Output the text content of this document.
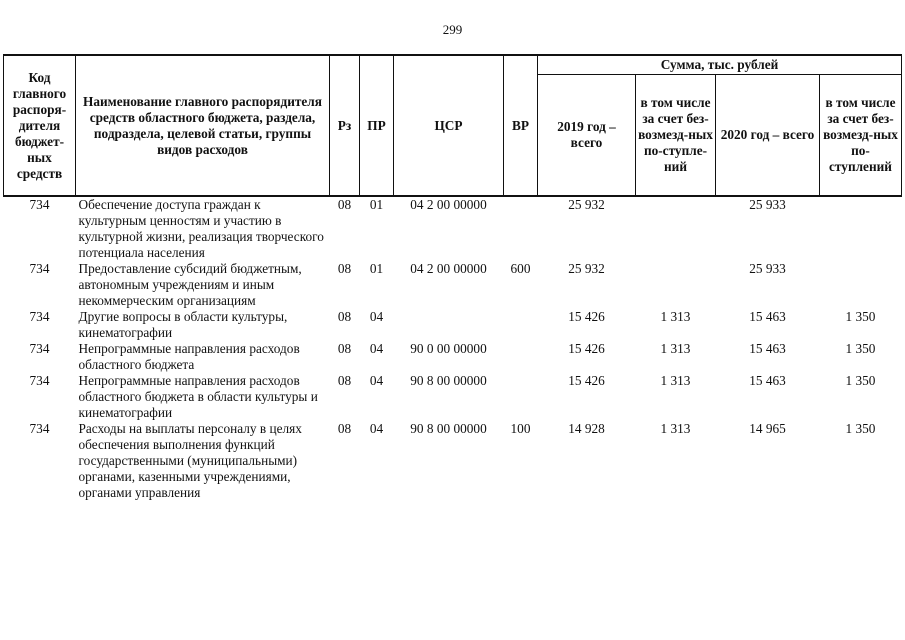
299
Код главного распоря-дителя бюджет-ных средств	Наименование главного распорядителя средств областного бюджета, раздела, подраздела, целевой статьи, группы видов расходов	Рз	ПР	ЦСР	ВР	Сумма, тыс. рублей			
						2019 год – всего	в том числе за счет без-возмезд-ных по-ступле-ний	2020 год – всего	в том числе за счет без-возмезд-ных по-ступлений
734	Обеспечение доступа граждан к культурным ценностям и участию в культурной жизни, реализация творческого потенциала населения	08	01	04 2 00 00000		25 932		25 933	
734	Предоставление субсидий бюджетным, автономным учреждениям и иным некоммерческим организациям	08	01	04 2 00 00000	600	25 932		25 933	
734	Другие вопросы в области культуры, кинематографии	08	04			15 426	1 313	15 463	1 350
734	Непрограммные направления расходов областного бюджета	08	04	90 0 00 00000		15 426	1 313	15 463	1 350
734	Непрограммные направления расходов областного бюджета в области культуры и кинематографии	08	04	90 8 00 00000		15 426	1 313	15 463	1 350
734	Расходы на выплаты персоналу в целях обеспечения выполнения функций государственными (муниципальными) органами, казенными учреждениями, органами управления	08	04	90 8 00 00000	100	14 928	1 313	14 965	1 350
